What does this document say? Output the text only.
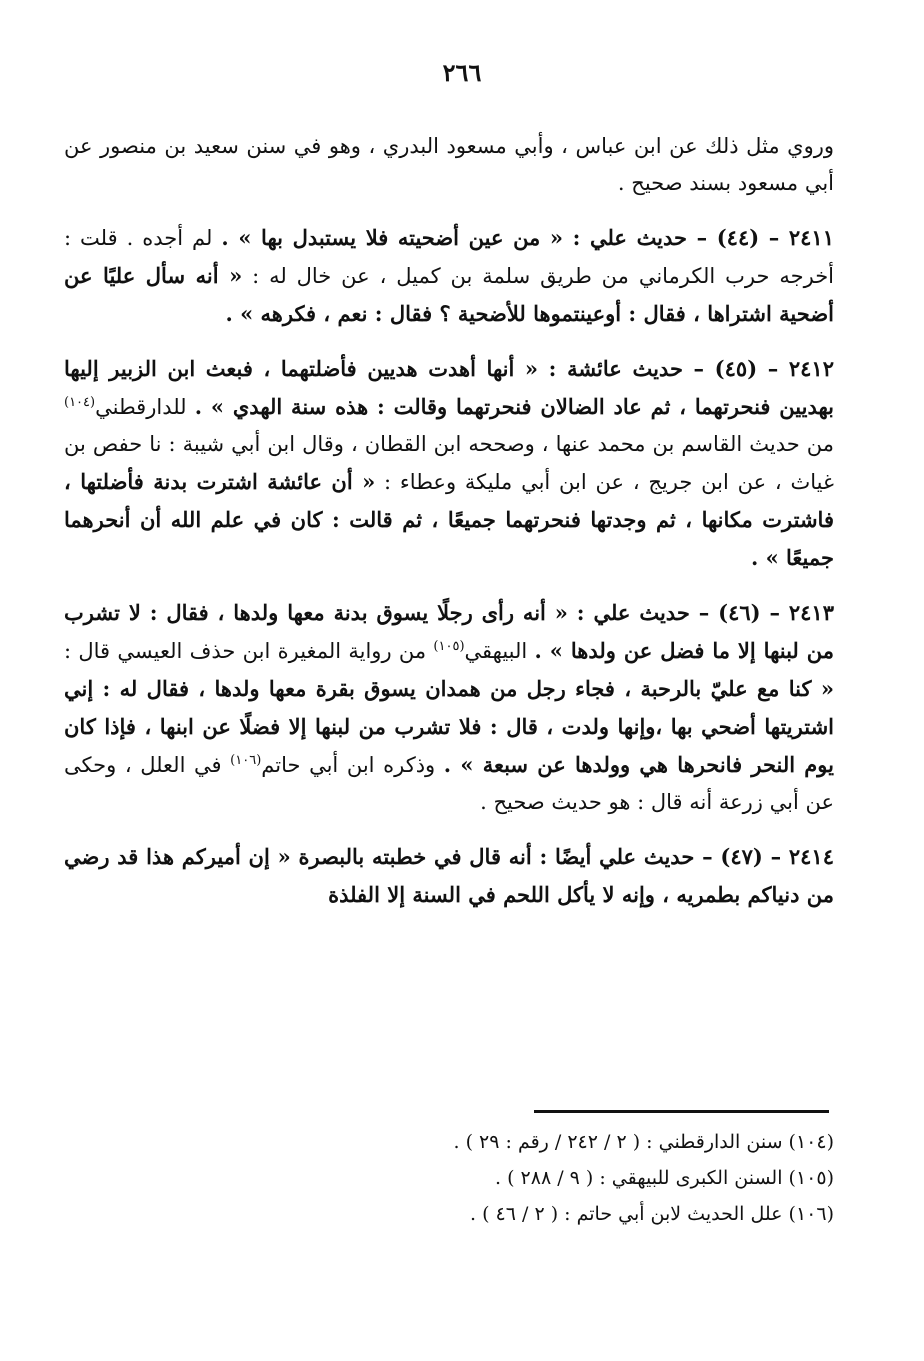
٢٦٦

وروي مثل ذلك عن ابن عباس ، وأبي مسعود البدري ، وهو في سنن سعيد بن منصور عن أبي مسعود بسند صحيح .

٢٤١١ – (٤٤) – حديث علي : « من عين أضحيته فلا يستبدل بها » . لم أجده . قلت : أخرجه حرب الكرماني من طريق سلمة بن كميل ، عن خال له : « أنه سأل عليًا عن أضحية اشتراها ، فقال : أوعينتموها للأضحية ؟ فقال : نعم ، فكرهه » .

٢٤١٢ – (٤٥) – حديث عائشة : « أنها أهدت هديين فأضلتهما ، فبعث ابن الزبير إليها بهديين فنحرتهما ، ثم عاد الضالان فنحرتهما وقالت : هذه سنة الهدي » . للدارقطني$^{(١٠٤)}$ من حديث القاسم بن محمد عنها ، وصححه ابن القطان ، وقال ابن أبي شيبة : نا حفص بن غياث ، عن ابن جريج ، عن ابن أبي مليكة وعطاء : « أن عائشة اشترت بدنة فأضلتها ، فاشترت مكانها ، ثم وجدتها فنحرتهما جميعًا ، ثم قالت : كان في علم الله أن أنحرهما جميعًا » .

٢٤١٣ – (٤٦) – حديث علي : « أنه رأى رجلًا يسوق بدنة معها ولدها ، فقال : لا تشرب من لبنها إلا ما فضل عن ولدها » . البيهقي$^{(١٠٥)}$ من رواية المغيرة ابن حذف العيسي قال : « كنا مع عليّ بالرحبة ، فجاء رجل من همدان يسوق بقرة معها ولدها ، فقال له : إني اشتريتها أضحي بها ،وإنها ولدت ، قال : فلا تشرب من لبنها إلا فضلًا عن ابنها ، فإذا كان يوم النحر فانحرها هي وولدها عن سبعة » . وذكره ابن أبي حاتم$^{(١٠٦)}$ في العلل ، وحكى عن أبي زرعة أنه قال : هو حديث صحيح .

٢٤١٤ – (٤٧) – حديث علي أيضًا : أنه قال في خطبته بالبصرة « إن أميركم هذا قد رضي من دنياكم بطمريه ، وإنه لا يأكل اللحم في السنة إلا الفلذة

(١٠٤) سنن الدارقطني : ( ٢ / ٢٤٢ / رقم : ٢٩ ) .
(١٠٥) السنن الكبرى للبيهقي : ( ٩ / ٢٨٨ ) .
(١٠٦) علل الحديث لابن أبي حاتم : ( ٢ / ٤٦ ) .
